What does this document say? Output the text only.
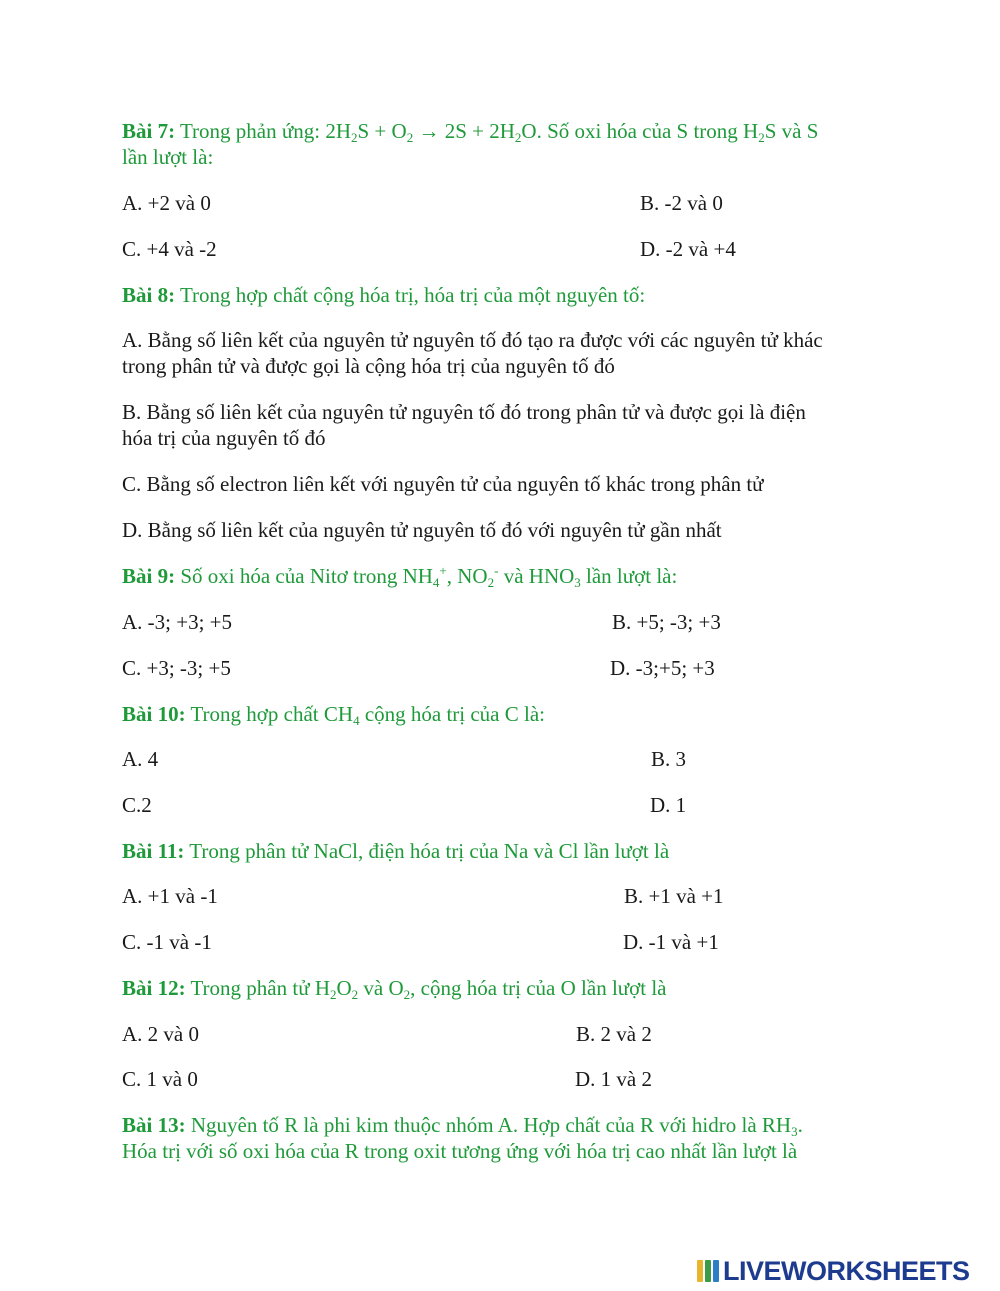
Bài 7: Trong phản ứng: $2H_2S + O_2 \to 2S + 2H_2O$. Số oxi hóa của S trong $H_2S$ và S
lần lượt là:
A. +2 và 0	B. -2 và 0
C. +4 và -2	D. -2 và +4
Bài 8: Trong hợp chất cộng hóa trị, hóa trị của một nguyên tố:
A. Bằng số liên kết của nguyên tử nguyên tố đó tạo ra được với các nguyên tử khác
trong phân tử và được gọi là cộng hóa trị của nguyên tố đó
B. Bằng số liên kết của nguyên tử nguyên tố đó trong phân tử và được gọi là điện
hóa trị của nguyên tố đó
C. Bằng số electron liên kết với nguyên tử của nguyên tố khác trong phân tử
D. Bằng số liên kết của nguyên tử nguyên tố đó với nguyên tử gần nhất
Bài 9: Số oxi hóa của Nitơ trong $NH_4^+$, $NO_2^-$ và $HNO_3$ lần lượt là:
A. -3; +3; +5	B. +5; -3; +3
C. +3; -3; +5	D. -3;+5; +3
Bài 10: Trong hợp chất $CH_4$ cộng hóa trị của C là:
A. 4	B. 3
C.2	D. 1
Bài 11: Trong phân tử NaCl, điện hóa trị của Na và Cl lần lượt là
A. +1 và -1	B. +1 và +1
C. -1 và -1	D. -1 và +1
Bài 12: Trong phân tử $H_2O_2$ và $O_2$, cộng hóa trị của O lần lượt là
A. 2 và 0	B. 2 và 2
C. 1 và 0	D. 1 và 2
Bài 13: Nguyên tố R là phi kim thuộc nhóm A. Hợp chất của R với hidro là $RH_3$.
Hóa trị với số oxi hóa của R trong oxit tương ứng với hóa trị cao nhất lần lượt là
LIVEWORKSHEETS
